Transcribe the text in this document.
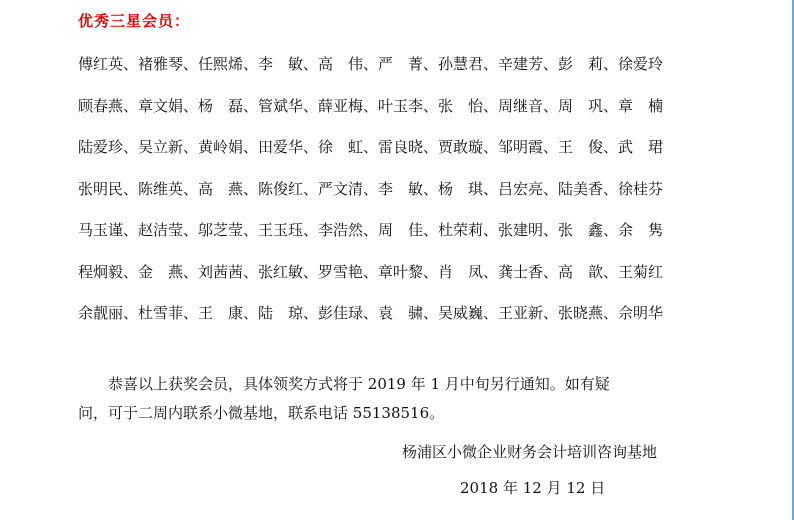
优秀三星会员：
傅红英、褚雅琴、任熙烯、李　敏、高　伟、严　菁、孙慧君、辛建芳、彭　莉、徐爱玲
顾春燕、章文娟、杨　磊、管斌华、薛亚梅、叶玉李、张　怡、周继音、周　巩、章　楠
陆爱珍、吴立新、黄岭娟、田爱华、徐　虹、雷良晓、贾敢璇、邹明霞、王　俊、武　珺
张明民、陈维英、高　燕、陈俊红、严文清、李　敏、杨　琪、吕宏亮、陆美香、徐桂芬
马玉谨、赵洁莹、邬芝莹、王玉珏、李浩然、周　佳、杜荣莉、张建明、张　鑫、余　隽
程炯毅、金　燕、刘茜茜、张红敏、罗雪艳、章叶黎、肖　凤、龚士香、高　歆、王菊红
余靓丽、杜雪菲、王　康、陆　琼、彭佳琭、袁　骕、吴威巍、王亚新、张晓燕、佘明华
恭喜以上获奖会员，具体领奖方式将于 2019 年 1 月中旬另行通知。如有疑
问，可于二周内联系小微基地，联系电话 55138516。
杨浦区小微企业财务会计培训咨询基地
2018 年 12 月 12 日
